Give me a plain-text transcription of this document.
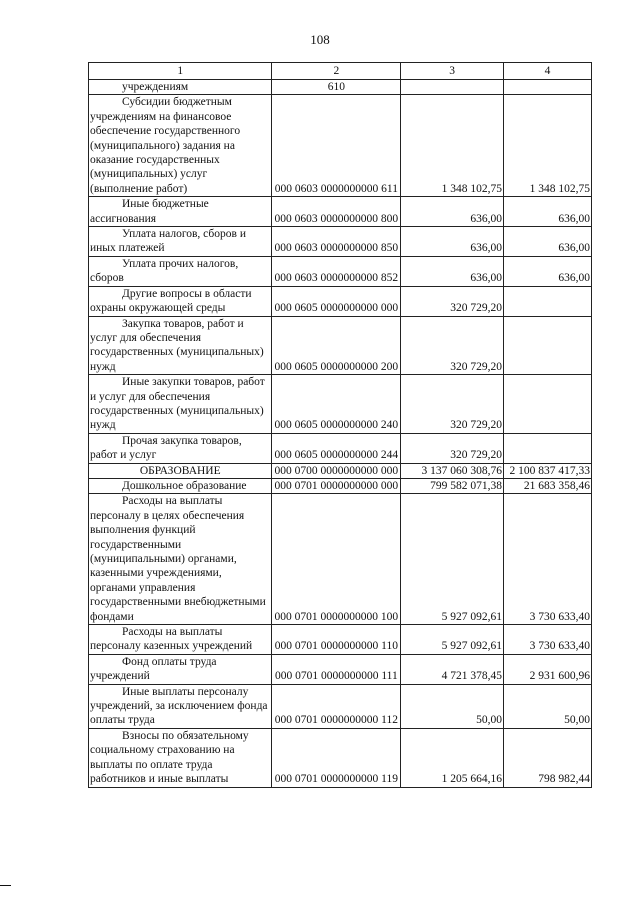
108
1	2	3	4

учреждениям	610		

Субсидии бюджетным учреждениям на финансовое обеспечение государственного (муниципального) задания на оказание государственных (муниципальных) услуг (выполнение работ)	000 0603 0000000000 611	1 348 102,75	1 348 102,75

Иные бюджетные ассигнования	000 0603 0000000000 800	636,00	636,00

Уплата налогов, сборов и иных платежей	000 0603 0000000000 850	636,00	636,00

Уплата прочих налогов, сборов	000 0603 0000000000 852	636,00	636,00

Другие вопросы в области охраны окружающей среды	000 0605 0000000000 000	320 729,20	

Закупка товаров, работ и услуг для обеспечения государственных (муниципальных) нужд	000 0605 0000000000 200	320 729,20	

Иные закупки товаров, работ и услуг для обеспечения государственных (муниципальных) нужд	000 0605 0000000000 240	320 729,20	

Прочая закупка товаров, работ и услуг	000 0605 0000000000 244	320 729,20	

ОБРАЗОВАНИЕ	000 0700 0000000000 000	3 137 060 308,76	2 100 837 417,33

Дошкольное образование	000 0701 0000000000 000	799 582 071,38	21 683 358,46

Расходы на выплаты персоналу в целях обеспечения выполнения функций государственными (муниципальными) органами, казенными учреждениями, органами управления государственными внебюджетными фондами	000 0701 0000000000 100	5 927 092,61	3 730 633,40

Расходы на выплаты персоналу казенных учреждений	000 0701 0000000000 110	5 927 092,61	3 730 633,40

Фонд оплаты труда учреждений	000 0701 0000000000 111	4 721 378,45	2 931 600,96

Иные выплаты персоналу учреждений, за исключением фонда оплаты труда	000 0701 0000000000 112	50,00	50,00

Взносы по обязательному социальному страхованию на выплаты по оплате труда работников и иные выплаты	000 0701 0000000000 119	1 205 664,16	798 982,44
